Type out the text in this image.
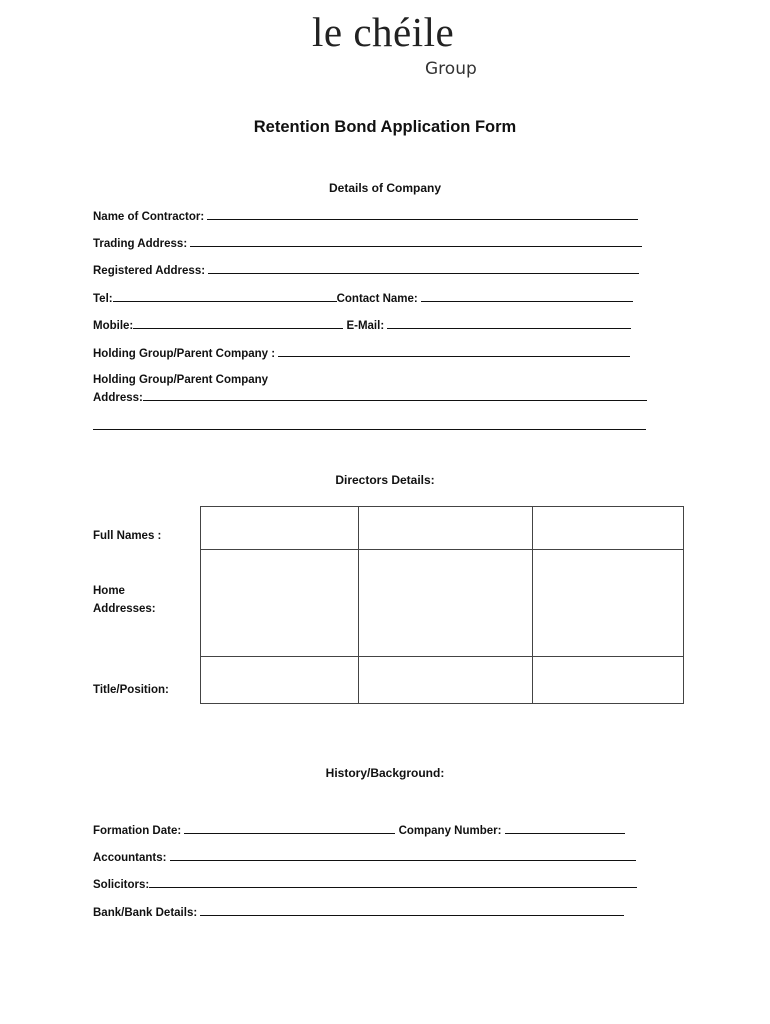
le chéile
Group
Retention Bond Application Form
Details of Company
Name of Contractor:
Trading Address:
Registered Address:
Tel:	Contact Name:
Mobile:	E-Mail:
Holding Group/Parent Company :
Holding Group/Parent Company
Address:
Directors Details:
Full Names :
Home
Addresses:
Title/Position:

History/Background:
Formation Date:	Company Number:
Accountants:
Solicitors:
Bank/Bank Details:
